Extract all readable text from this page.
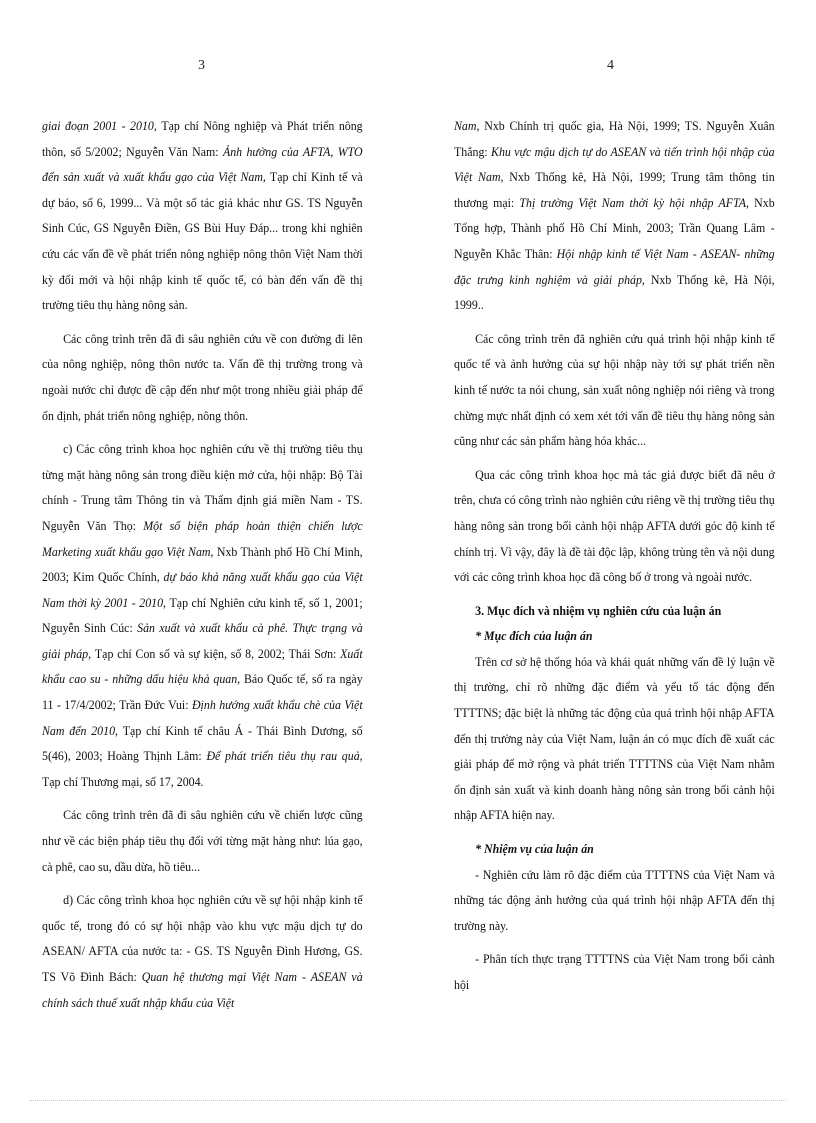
3	4

giai đoạn 2001 - 2010, Tạp chí Nông nghiệp và Phát triển nông thôn, số 5/2002; Nguyễn Văn Nam: Ảnh hưởng của AFTA, WTO đến sản xuất và xuất khẩu gạo của Việt Nam, Tạp chí Kinh tế và dự báo, số 6, 1999... Và một số tác giả khác như GS. TS Nguyễn Sinh Cúc, GS Nguyễn Điền, GS Bùi Huy Đáp... trong khi nghiên cứu các vấn đề về phát triển nông nghiệp nông thôn Việt Nam thời kỳ đổi mới và hội nhập kinh tế quốc tế, có bàn đến vấn đề thị trường tiêu thụ hàng nông sản.

Các công trình trên đã đi sâu nghiên cứu về con đường đi lên của nông nghiệp, nông thôn nước ta. Vấn đề thị trường trong và ngoài nước chỉ được đề cập đến như một trong nhiều giải pháp để ổn định, phát triển nông nghiệp, nông thôn.

c) Các công trình khoa học nghiên cứu về thị trường tiêu thụ từng mặt hàng nông sản trong điều kiện mở cửa, hội nhập: Bộ Tài chính - Trung tâm Thông tin và Thẩm định giá miền Nam - TS. Nguyễn Văn Thọ: Một số biện pháp hoàn thiện chiến lược Marketing xuất khẩu gạo Việt Nam, Nxb Thành phố Hồ Chí Minh, 2003; Kim Quốc Chính, dự báo khả năng xuất khẩu gạo của Việt Nam thời kỳ 2001 - 2010, Tạp chí Nghiên cứu kinh tế, số 1, 2001; Nguyễn Sinh Cúc: Sản xuất và xuất khẩu cà phê. Thực trạng và giải pháp, Tạp chí Con số và sự kiện, số 8, 2002; Thái Sơn: Xuất khẩu cao su - những dấu hiệu khả quan, Báo Quốc tế, số ra ngày 11 - 17/4/2002; Trần Đức Vui: Định hướng xuất khẩu chè của Việt Nam đến 2010, Tạp chí Kinh tế châu Á - Thái Bình Dương, số 5(46), 2003; Hoàng Thịnh Lâm: Để phát triển tiêu thụ rau quả, Tạp chí Thương mại, số 17, 2004.

Các công trình trên đã đi sâu nghiên cứu về chiến lược cũng như về các biện pháp tiêu thụ đối với từng mặt hàng như: lúa gạo, cà phê, cao su, dầu dừa, hồ tiêu...

d) Các công trình khoa học nghiên cứu về sự hội nhập kinh tế quốc tế, trong đó có sự hội nhập vào khu vực mậu dịch tự do ASEAN/ AFTA của nước ta: - GS. TS Nguyễn Đình Hương, GS. TS Võ Đình Bách: Quan hệ thương mại Việt Nam - ASEAN và chính sách thuế xuất nhập khẩu của Việt

Nam, Nxb Chính trị quốc gia, Hà Nội, 1999; TS. Nguyễn Xuân Thắng: Khu vực mậu dịch tự do ASEAN và tiến trình hội nhập của Việt Nam, Nxb Thống kê, Hà Nội, 1999; Trung tâm thông tin thương mại: Thị trường Việt Nam thời kỳ hội nhập AFTA, Nxb Tổng hợp, Thành phố Hồ Chí Minh, 2003; Trần Quang Lâm - Nguyễn Khắc Thân: Hội nhập kinh tế Việt Nam - ASEAN- những đặc trưng kinh nghiệm và giải pháp, Nxb Thống kê, Hà Nội, 1999..

Các công trình trên đã nghiên cứu quá trình hội nhập kinh tế quốc tế và ảnh hưởng của sự hội nhập này tới sự phát triển nền kinh tế nước ta nói chung, sản xuất nông nghiệp nói riêng và trong chừng mực nhất định có xem xét tới vấn đề tiêu thụ hàng nông sản cũng như các sản phẩm hàng hóa khác...

Qua các công trình khoa học mà tác giả được biết đã nêu ở trên, chưa có công trình nào nghiên cứu riêng về thị trường tiêu thụ hàng nông sản trong bối cảnh hội nhập AFTA dưới góc độ kinh tế chính trị. Vì vậy, đây là đề tài độc lập, không trùng tên và nội dung với các công trình khoa học đã công bố ở trong và ngoài nước.

3. Mục đích và nhiệm vụ nghiên cứu của luận án
* Mục đích của luận án

Trên cơ sở hệ thống hóa và khái quát những vấn đề lý luận về thị trường, chỉ rõ những đặc điểm và yếu tố tác động đến TTTTNS; đặc biệt là những tác động của quá trình hội nhập AFTA đến thị trường này của Việt Nam, luận án có mục đích đề xuất các giải pháp để mở rộng và phát triển TTTTNS của Việt Nam nhằm ổn định sản xuất và kinh doanh hàng nông sản trong bối cảnh hội nhập AFTA hiện nay.

* Nhiệm vụ của luận án

- Nghiên cứu làm rõ đặc điểm của TTTTNS của Việt Nam và những tác động ảnh hưởng của quá trình hội nhập AFTA đến thị trường này.

- Phân tích thực trạng TTTTNS của Việt Nam trong bối cảnh hội
